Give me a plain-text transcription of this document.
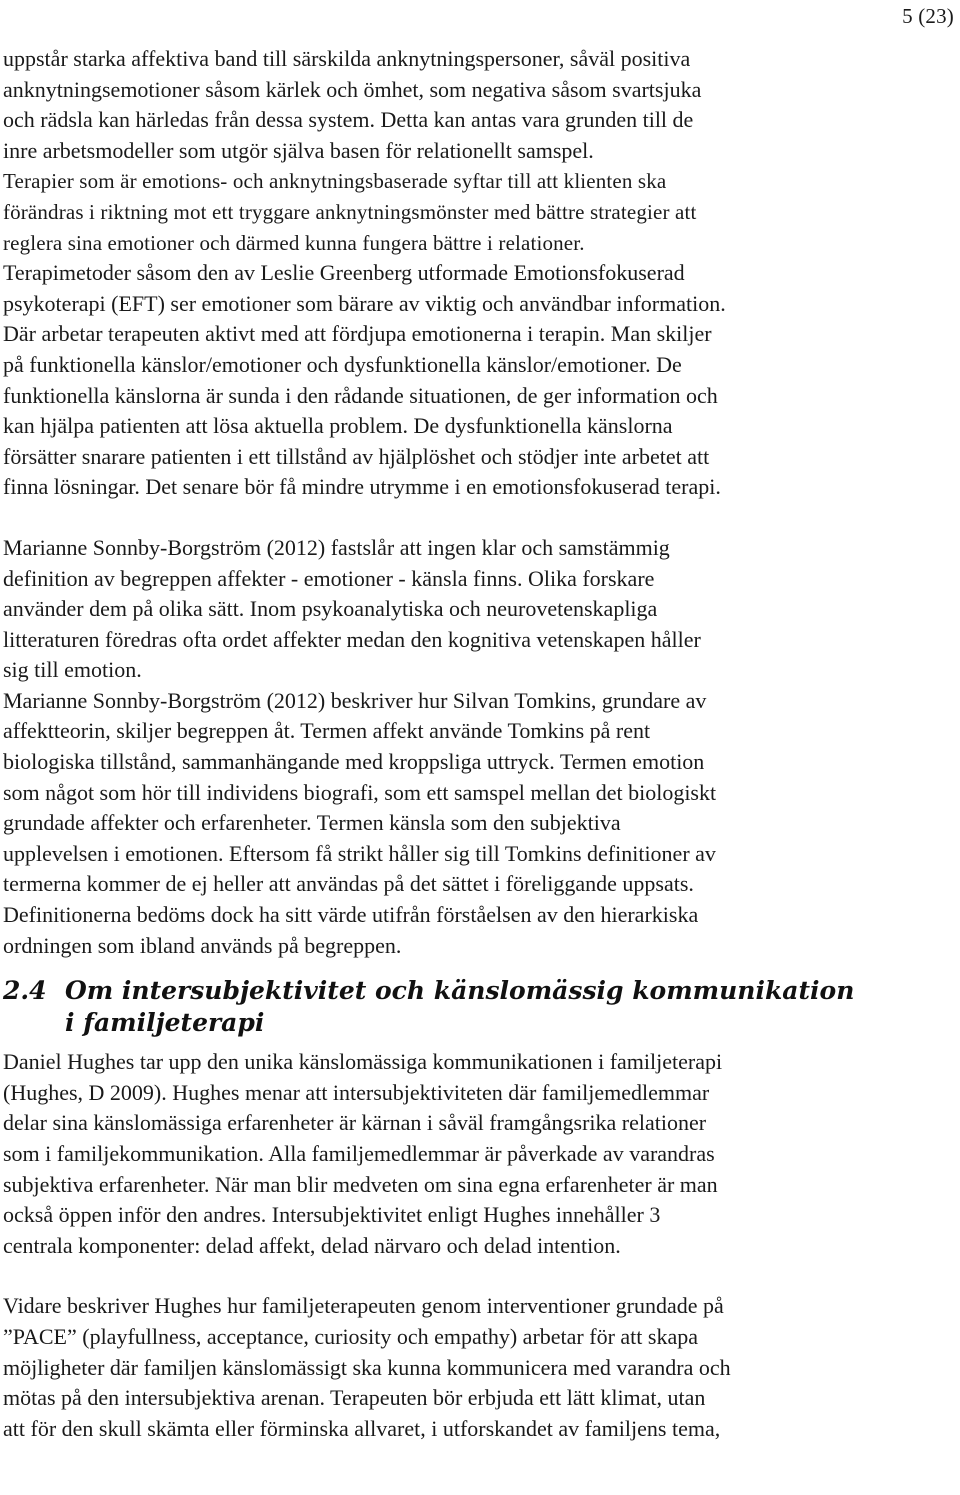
5 (23)
uppstår starka affektiva band till särskilda anknytningspersoner, såväl positiva
anknytningsemotioner såsom kärlek och ömhet, som negativa såsom svartsjuka
och rädsla kan härledas från dessa system. Detta kan antas vara grunden till de
inre arbetsmodeller som utgör själva basen för relationellt samspel.
Terapier som är emotions- och anknytningsbaserade syftar till att klienten ska
förändras i riktning mot ett tryggare anknytningsmönster med bättre strategier att
reglera sina emotioner och därmed kunna fungera bättre i relationer.
Terapimetoder såsom den av Leslie Greenberg utformade Emotionsfokuserad
psykoterapi (EFT) ser emotioner som bärare av viktig och användbar information.
Där arbetar terapeuten aktivt med att fördjupa emotionerna i terapin. Man skiljer
på funktionella känslor/emotioner och dysfunktionella känslor/emotioner. De
funktionella känslorna är sunda i den rådande situationen, de ger information och
kan hjälpa patienten att lösa aktuella problem. De dysfunktionella känslorna
försätter snarare patienten i ett tillstånd av hjälplöshet och stödjer inte arbetet att
finna lösningar. Det senare bör få mindre utrymme i en emotionsfokuserad terapi.
Marianne Sonnby-Borgström (2012) fastslår att ingen klar och samstämmig
definition av begreppen affekter - emotioner - känsla finns. Olika forskare
använder dem på olika sätt. Inom psykoanalytiska och neurovetenskapliga
litteraturen föredras ofta ordet affekter medan den kognitiva vetenskapen håller
sig till emotion.
Marianne Sonnby-Borgström (2012) beskriver hur Silvan Tomkins, grundare av
affektteorin, skiljer begreppen åt. Termen affekt använde Tomkins på rent
biologiska tillstånd, sammanhängande med kroppsliga uttryck. Termen emotion
som något som hör till individens biografi, som ett samspel mellan det biologiskt
grundade affekter och erfarenheter. Termen känsla som den subjektiva
upplevelsen i emotionen. Eftersom få strikt håller sig till Tomkins definitioner av
termerna kommer de ej heller att användas på det sättet i föreliggande uppsats.
Definitionerna bedöms dock ha sitt värde utifrån förståelsen av den hierarkiska
ordningen som ibland används på begreppen.
2.4 Om intersubjektivitet och känslomässig kommunikation
i familjeterapi
Daniel Hughes tar upp den unika känslomässiga kommunikationen i familjeterapi
(Hughes, D 2009). Hughes menar att intersubjektiviteten där familjemedlemmar
delar sina känslomässiga erfarenheter är kärnan i såväl framgångsrika relationer
som i familjekommunikation. Alla familjemedlemmar är påverkade av varandras
subjektiva erfarenheter. När man blir medveten om sina egna erfarenheter är man
också öppen inför den andres. Intersubjektivitet enligt Hughes innehåller 3
centrala komponenter: delad affekt, delad närvaro och delad intention.
Vidare beskriver Hughes hur familjeterapeuten genom interventioner grundade på
”PACE” (playfullness, acceptance, curiosity och empathy) arbetar för att skapa
möjligheter där familjen känslomässigt ska kunna kommunicera med varandra och
mötas på den intersubjektiva arenan. Terapeuten bör erbjuda ett lätt klimat, utan
att för den skull skämta eller förminska allvaret, i utforskandet av familjens tema,
